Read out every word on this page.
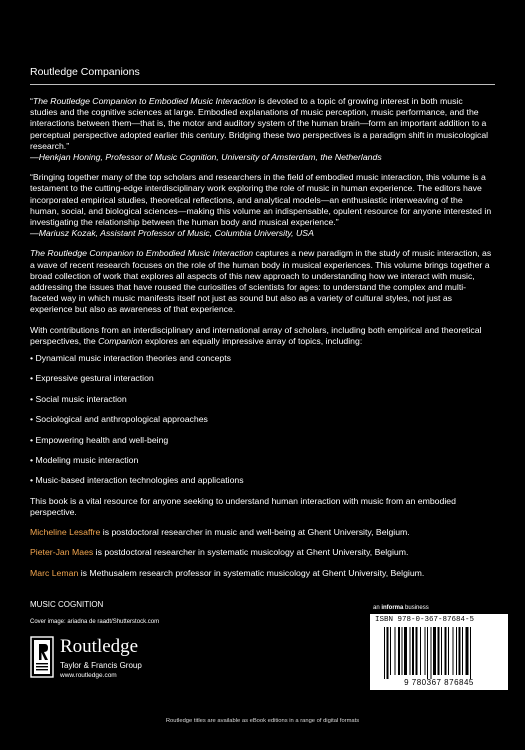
Routledge Companions

“The Routledge Companion to Embodied Music Interaction is devoted to a topic of growing interest in both music studies and the cognitive sciences at large. Embodied explanations of music perception, music performance, and the interactions between them—that is, the motor and auditory system of the human brain—form an important addition to a perceptual perspective adopted earlier this century. Bridging these two perspectives is a paradigm shift in musicological research.”
—Henkjan Honing, Professor of Music Cognition, University of Amsterdam, the Netherlands

“Bringing together many of the top scholars and researchers in the field of embodied music interaction, this volume is a testament to the cutting-edge interdisciplinary work exploring the role of music in human experience. The editors have incorporated empirical studies, theoretical reflections, and analytical models—an enthusiastic interweaving of the human, social, and biological sciences—making this volume an indispensable, opulent resource for anyone interested in investigating the relationship between the human body and musical experience.”
—Mariusz Kozak, Assistant Professor of Music, Columbia University, USA

The Routledge Companion to Embodied Music Interaction captures a new paradigm in the study of music interaction, as a wave of recent research focuses on the role of the human body in musical experiences. This volume brings together a broad collection of work that explores all aspects of this new approach to understanding how we interact with music, addressing the issues that have roused the curiosities of scientists for ages: to understand the complex and multi-faceted way in which music manifests itself not just as sound but also as a variety of cultural styles, not just as experience but also as awareness of that experience.

With contributions from an interdisciplinary and international array of scholars, including both empirical and theoretical perspectives, the Companion explores an equally impressive array of topics, including:

• Dynamical music interaction theories and concepts
• Expressive gestural interaction
• Social music interaction
• Sociological and anthropological approaches
• Empowering health and well-being
• Modeling music interaction
• Music-based interaction technologies and applications

This book is a vital resource for anyone seeking to understand human interaction with music from an embodied perspective.

Micheline Lesaffre is postdoctoral researcher in music and well-being at Ghent University, Belgium.

Pieter-Jan Maes is postdoctoral researcher in systematic musicology at Ghent University, Belgium.

Marc Leman is Methusalem research professor in systematic musicology at Ghent University, Belgium.

MUSIC COGNITION
Cover image: ariadna de raadt/Shutterstock.com
Routledge
Taylor & Francis Group
www.routledge.com
an informa business
ISBN 978-0-367-87684-5
9 780367 876845
Routledge titles are available as eBook editions in a range of digital formats
